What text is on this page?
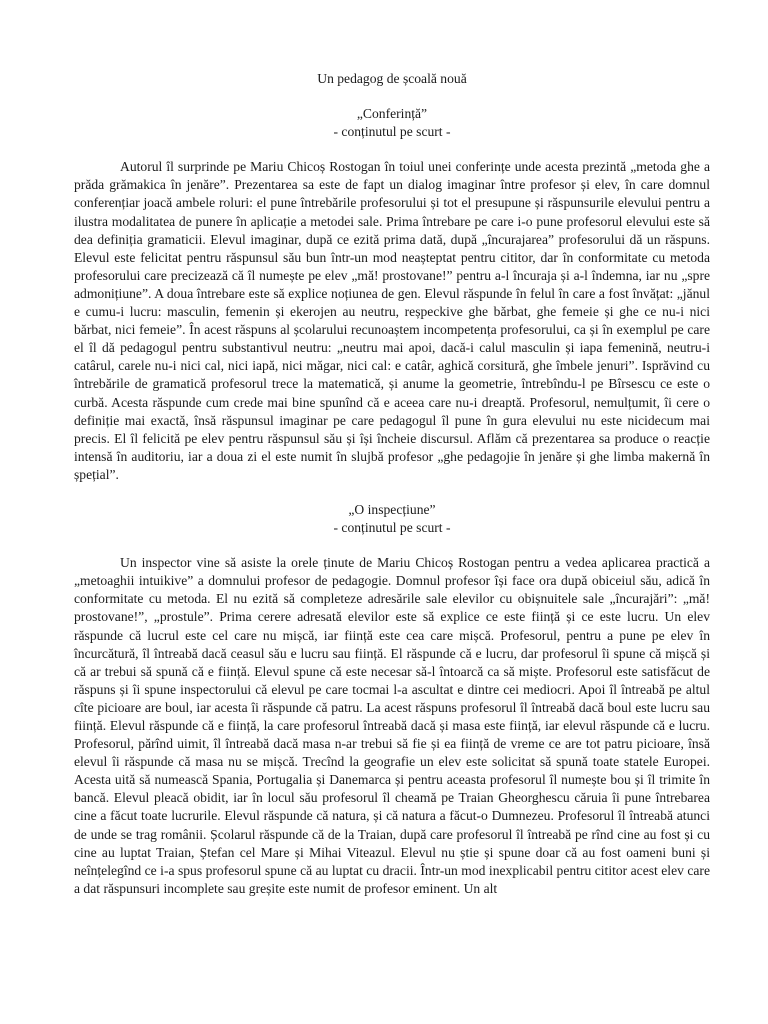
Un pedagog de școală nouă

„Conferință”

- conținutul pe scurt -

Autorul îl surprinde pe Mariu Chicoș Rostogan în toiul unei conferințe unde acesta prezintă „metoda ghe a prăda grămakica în jenăre”. Prezentarea sa este de fapt un dialog imaginar între profesor și elev, în care domnul conferențiar joacă ambele roluri: el pune întrebările profesorului și tot el presupune și răspunsurile elevului pentru a ilustra modalitatea de punere în aplicație a metodei sale. Prima întrebare pe care i-o pune profesorul elevului este să dea definiția gramaticii. Elevul imaginar, după ce ezită prima dată, după „încurajarea” profesorului dă un răspuns. Elevul este felicitat pentru răspunsul său bun într-un mod neașteptat pentru cititor, dar în conformitate cu metoda profesorului care precizează că îl numește pe elev „mă! prostovane!” pentru a-l încuraja și a-l îndemna, iar nu „spre admonițiune”. A doua întrebare este să explice noțiunea de gen. Elevul răspunde în felul în care a fost învățat: „jănul e cumu-i lucru: masculin, femenin și ekerojen au neutru, reșpeckive ghe bărbat, ghe femeie și ghe ce nu-i nici bărbat, nici femeie”. În acest răspuns al școlarului recunoaștem incompetența profesorului, ca și în exemplul pe care el îl dă pedagogul pentru substantivul neutru: „neutru mai apoi, dacă-i calul masculin și iapa femenină, neutru-i catârul, carele nu-i nici cal, nici iapă, nici măgar, nici cal: e catâr, aghică corsitură, ghe îmbele jenuri”. Isprăvind cu întrebările de gramatică profesorul trece la matematică, și anume la geometrie, întrebîndu-l pe Bîrsescu ce este o curbă. Acesta răspunde cum crede mai bine spunînd că e aceea care nu-i dreaptă. Profesorul, nemulțumit, îi cere o definiție mai exactă, însă răspunsul imaginar pe care pedagogul îl pune în gura elevului nu este nicidecum mai precis. El îl felicită pe elev pentru răspunsul său și își încheie discursul. Aflăm că prezentarea sa produce o reacție intensă în auditoriu, iar a doua zi el este numit în slujbă profesor „ghe pedagojie în jenăre și ghe limba makernă în șpețial”.

„O inspecțiune”

- conținutul pe scurt -

Un inspector vine să asiste la orele ținute de Mariu Chicoș Rostogan pentru a vedea aplicarea practică a „metoaghii intuikive” a domnului profesor de pedagogie. Domnul profesor își face ora după obiceiul său, adică în conformitate cu metoda. El nu ezită să completeze adresările sale elevilor cu obișnuitele sale „încurajări”: „mă! prostovane!”, „prostule”. Prima cerere adresată elevilor este să explice ce este ființă și ce este lucru. Un elev răspunde că lucrul este cel care nu mișcă, iar ființă este cea care mișcă. Profesorul, pentru a pune pe elev în încurcătură, îl întreabă dacă ceasul său e lucru sau ființă. El răspunde că e lucru, dar profesorul îi spune că mișcă și că ar trebui să spună că e ființă. Elevul spune că este necesar să-l întoarcă ca să miște. Profesorul este satisfăcut de răspuns și îi spune inspectorului că elevul pe care tocmai l-a ascultat e dintre cei mediocri. Apoi îl întreabă pe altul cîte picioare are boul, iar acesta îi răspunde că patru. La acest răspuns profesorul îl întreabă dacă boul este lucru sau ființă. Elevul răspunde că e ființă, la care profesorul întreabă dacă și masa este ființă, iar elevul răspunde că e lucru. Profesorul, părînd uimit, îl întreabă dacă masa n-ar trebui să fie și ea ființă de vreme ce are tot patru picioare, însă elevul îi răspunde că masa nu se mișcă. Trecînd la geografie un elev este solicitat să spună toate statele Europei. Acesta uită să numească Spania, Portugalia și Danemarca și pentru aceasta profesorul îl numește bou și îl trimite în bancă. Elevul pleacă obidit, iar în locul său profesorul îl cheamă pe Traian Gheorghescu căruia îi pune întrebarea cine a făcut toate lucrurile. Elevul răspunde că natura, și că natura a făcut-o Dumnezeu. Profesorul îl întreabă atunci de unde se trag românii. Școlarul răspunde că de la Traian, după care profesorul îl întreabă pe rînd cine au fost și cu cine au luptat Traian, Ștefan cel Mare și Mihai Viteazul. Elevul nu știe și spune doar că au fost oameni buni și neînțelegînd ce i-a spus profesorul spune că au luptat cu dracii. Într-un mod inexplicabil pentru cititor acest elev care a dat răspunsuri incomplete sau greșite este numit de profesor eminent. Un alt
